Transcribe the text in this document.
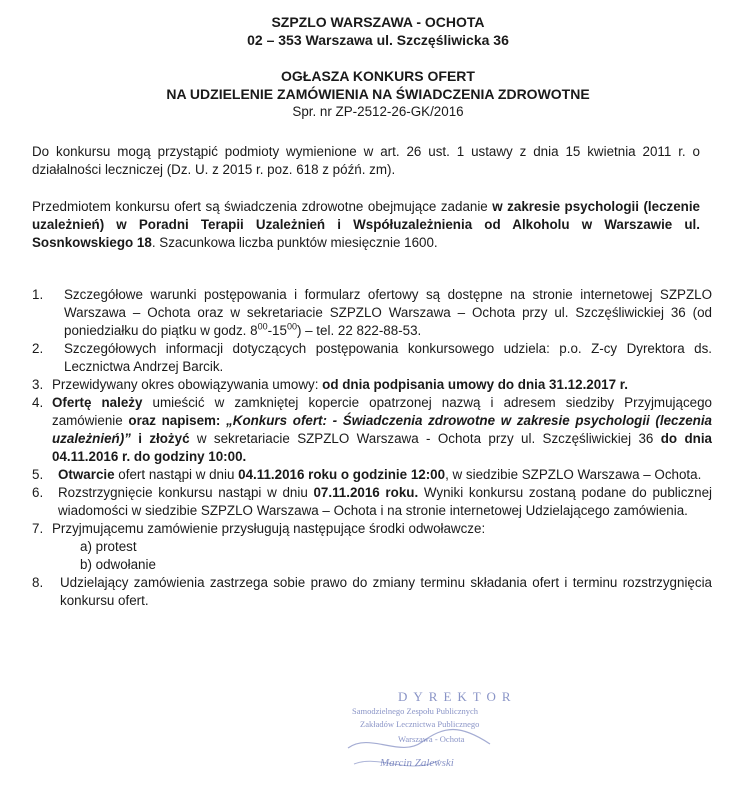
SZPZLO WARSZAWA - OCHOTA
02 – 353 Warszawa ul. Szczęśliwicka 36
OGŁASZA KONKURS OFERT
NA UDZIELENIE ZAMÓWIENIA NA ŚWIADCZENIA ZDROWOTNE
Spr. nr ZP-2512-26-GK/2016
Do konkursu mogą przystąpić podmioty wymienione w art. 26 ust. 1 ustawy z dnia 15 kwietnia 2011 r. o działalności leczniczej (Dz. U. z 2015 r. poz. 618 z późń. zm).
Przedmiotem konkursu ofert są świadczenia zdrowotne obejmujące zadanie w zakresie psychologii (leczenie uzależnień) w Poradni Terapii Uzależnień i Współuzależnienia od Alkoholu w Warszawie ul. Sosnkowskiego 18. Szacunkowa liczba punktów miesięcznie 1600.
1. Szczegółowe warunki postępowania i formularz ofertowy są dostępne na stronie internetowej SZPZLO Warszawa – Ochota oraz w sekretariacie SZPZLO Warszawa – Ochota przy ul. Szczęśliwickiej 36 (od poniedziałku do piątku w godz. $8^{00}-15^{00}$) – tel. 22 822-88-53.
2. Szczegółowych informacji dotyczących postępowania konkursowego udziela: p.o. Z-cy Dyrektora ds. Lecznictwa Andrzej Barcik.
3. Przewidywany okres obowiązywania umowy: od dnia podpisania umowy do dnia 31.12.2017 r.
4. Ofertę należy umieścić w zamkniętej kopercie opatrzonej nazwą i adresem siedziby Przyjmującego zamówienie oraz napisem: „Konkurs ofert: - Świadczenia zdrowotne w zakresie psychologii (leczenia uzależnień)” i złożyć w sekretariacie SZPZLO Warszawa - Ochota przy ul. Szczęśliwickiej 36 do dnia 04.11.2016 r. do godziny 10:00.
5. Otwarcie ofert nastąpi w dniu 04.11.2016 roku o godzinie 12:00, w siedzibie SZPZLO Warszawa – Ochota.
6. Rozstrzygnięcie konkursu nastąpi w dniu 07.11.2016 roku. Wyniki konkursu zostaną podane do publicznej wiadomości w siedzibie SZPZLO Warszawa – Ochota i na stronie internetowej Udzielającego zamówienia.
7. Przyjmującemu zamówienie przysługują następujące środki odwoławcze:
a) protest
b) odwołanie
8. Udzielający zamówienia zastrzega sobie prawo do zmiany terminu składania ofert i terminu rozstrzygnięcia konkursu ofert.
DYREKTOR
Samodzielnego Zespołu Publicznych
Zakładów Lecznictwa Publicznego
Warszawa - Ochota
Marcin Zalewski
